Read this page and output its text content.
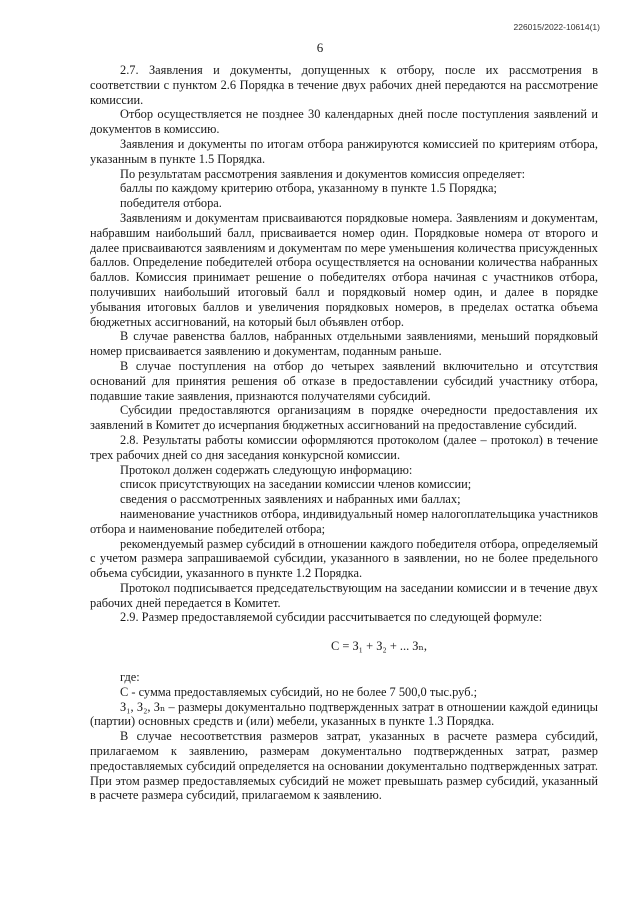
226015/2022-10614(1)
6

2.7. Заявления и документы, допущенных к отбору, после их рассмотрения в соответствии с пунктом 2.6 Порядка в течение двух рабочих дней передаются на рассмотрение комиссии.

Отбор осуществляется не позднее 30 календарных дней после поступления заявлений и документов в комиссию.

Заявления и документы по итогам отбора ранжируются комиссией по критериям отбора, указанным в пункте 1.5 Порядка.

По результатам рассмотрения заявления и документов комиссия определяет:

баллы по каждому критерию отбора, указанному в пункте 1.5 Порядка;

победителя отбора.

Заявлениям и документам присваиваются порядковые номера. Заявлениям и документам, набравшим наибольший балл, присваивается номер один. Порядковые номера от второго и далее присваиваются заявлениям и документам по мере уменьшения количества присужденных баллов. Определение победителей отбора осуществляется на основании количества набранных баллов. Комиссия принимает решение о победителях отбора начиная с участников отбора, получивших наибольший итоговый балл и порядковый номер один, и далее в порядке убывания итоговых баллов и увеличения порядковых номеров, в пределах остатка объема бюджетных ассигнований, на который был объявлен отбор.

В случае равенства баллов, набранных отдельными заявлениями, меньший порядковый номер присваивается заявлению и документам, поданным раньше.

В случае поступления на отбор до четырех заявлений включительно и отсутствия оснований для принятия решения об отказе в предоставлении субсидий участнику отбора, подавшие такие заявления, признаются получателями субсидий.

Субсидии предоставляются организациям в порядке очередности предоставления их заявлений в Комитет до исчерпания бюджетных ассигнований на предоставление субсидий.

2.8. Результаты работы комиссии оформляются протоколом (далее – протокол) в течение трех рабочих дней со дня заседания конкурсной комиссии.

Протокол должен содержать следующую информацию:

список присутствующих на заседании комиссии членов комиссии;

сведения о рассмотренных заявлениях и набранных ими баллах;

наименование участников отбора, индивидуальный номер налогоплательщика участников отбора и наименование победителей отбора;

рекомендуемый размер субсидий в отношении каждого победителя отбора, определяемый с учетом размера запрашиваемой субсидии, указанного в заявлении, но не более предельного объема субсидии, указанного в пункте 1.2 Порядка.

Протокол подписывается председательствующим на заседании комиссии и в течение двух рабочих дней передается в Комитет.

2.9. Размер предоставляемой субсидии рассчитывается по следующей формуле:

С = З₁ + З₂ + ... Зₙ,

где:

С - сумма предоставляемых субсидий, но не более 7 500,0 тыс.руб.;

З₁, З₂, Зₙ – размеры документально подтвержденных затрат в отношении каждой единицы (партии) основных средств и (или) мебели, указанных в пункте 1.3 Порядка.

В случае несоответствия размеров затрат, указанных в расчете размера субсидий, прилагаемом к заявлению, размерам документально подтвержденных затрат, размер предоставляемых субсидий определяется на основании документально подтвержденных затрат. При этом размер предоставляемых субсидий не может превышать размер субсидий, указанный в расчете размера субсидий, прилагаемом к заявлению.
